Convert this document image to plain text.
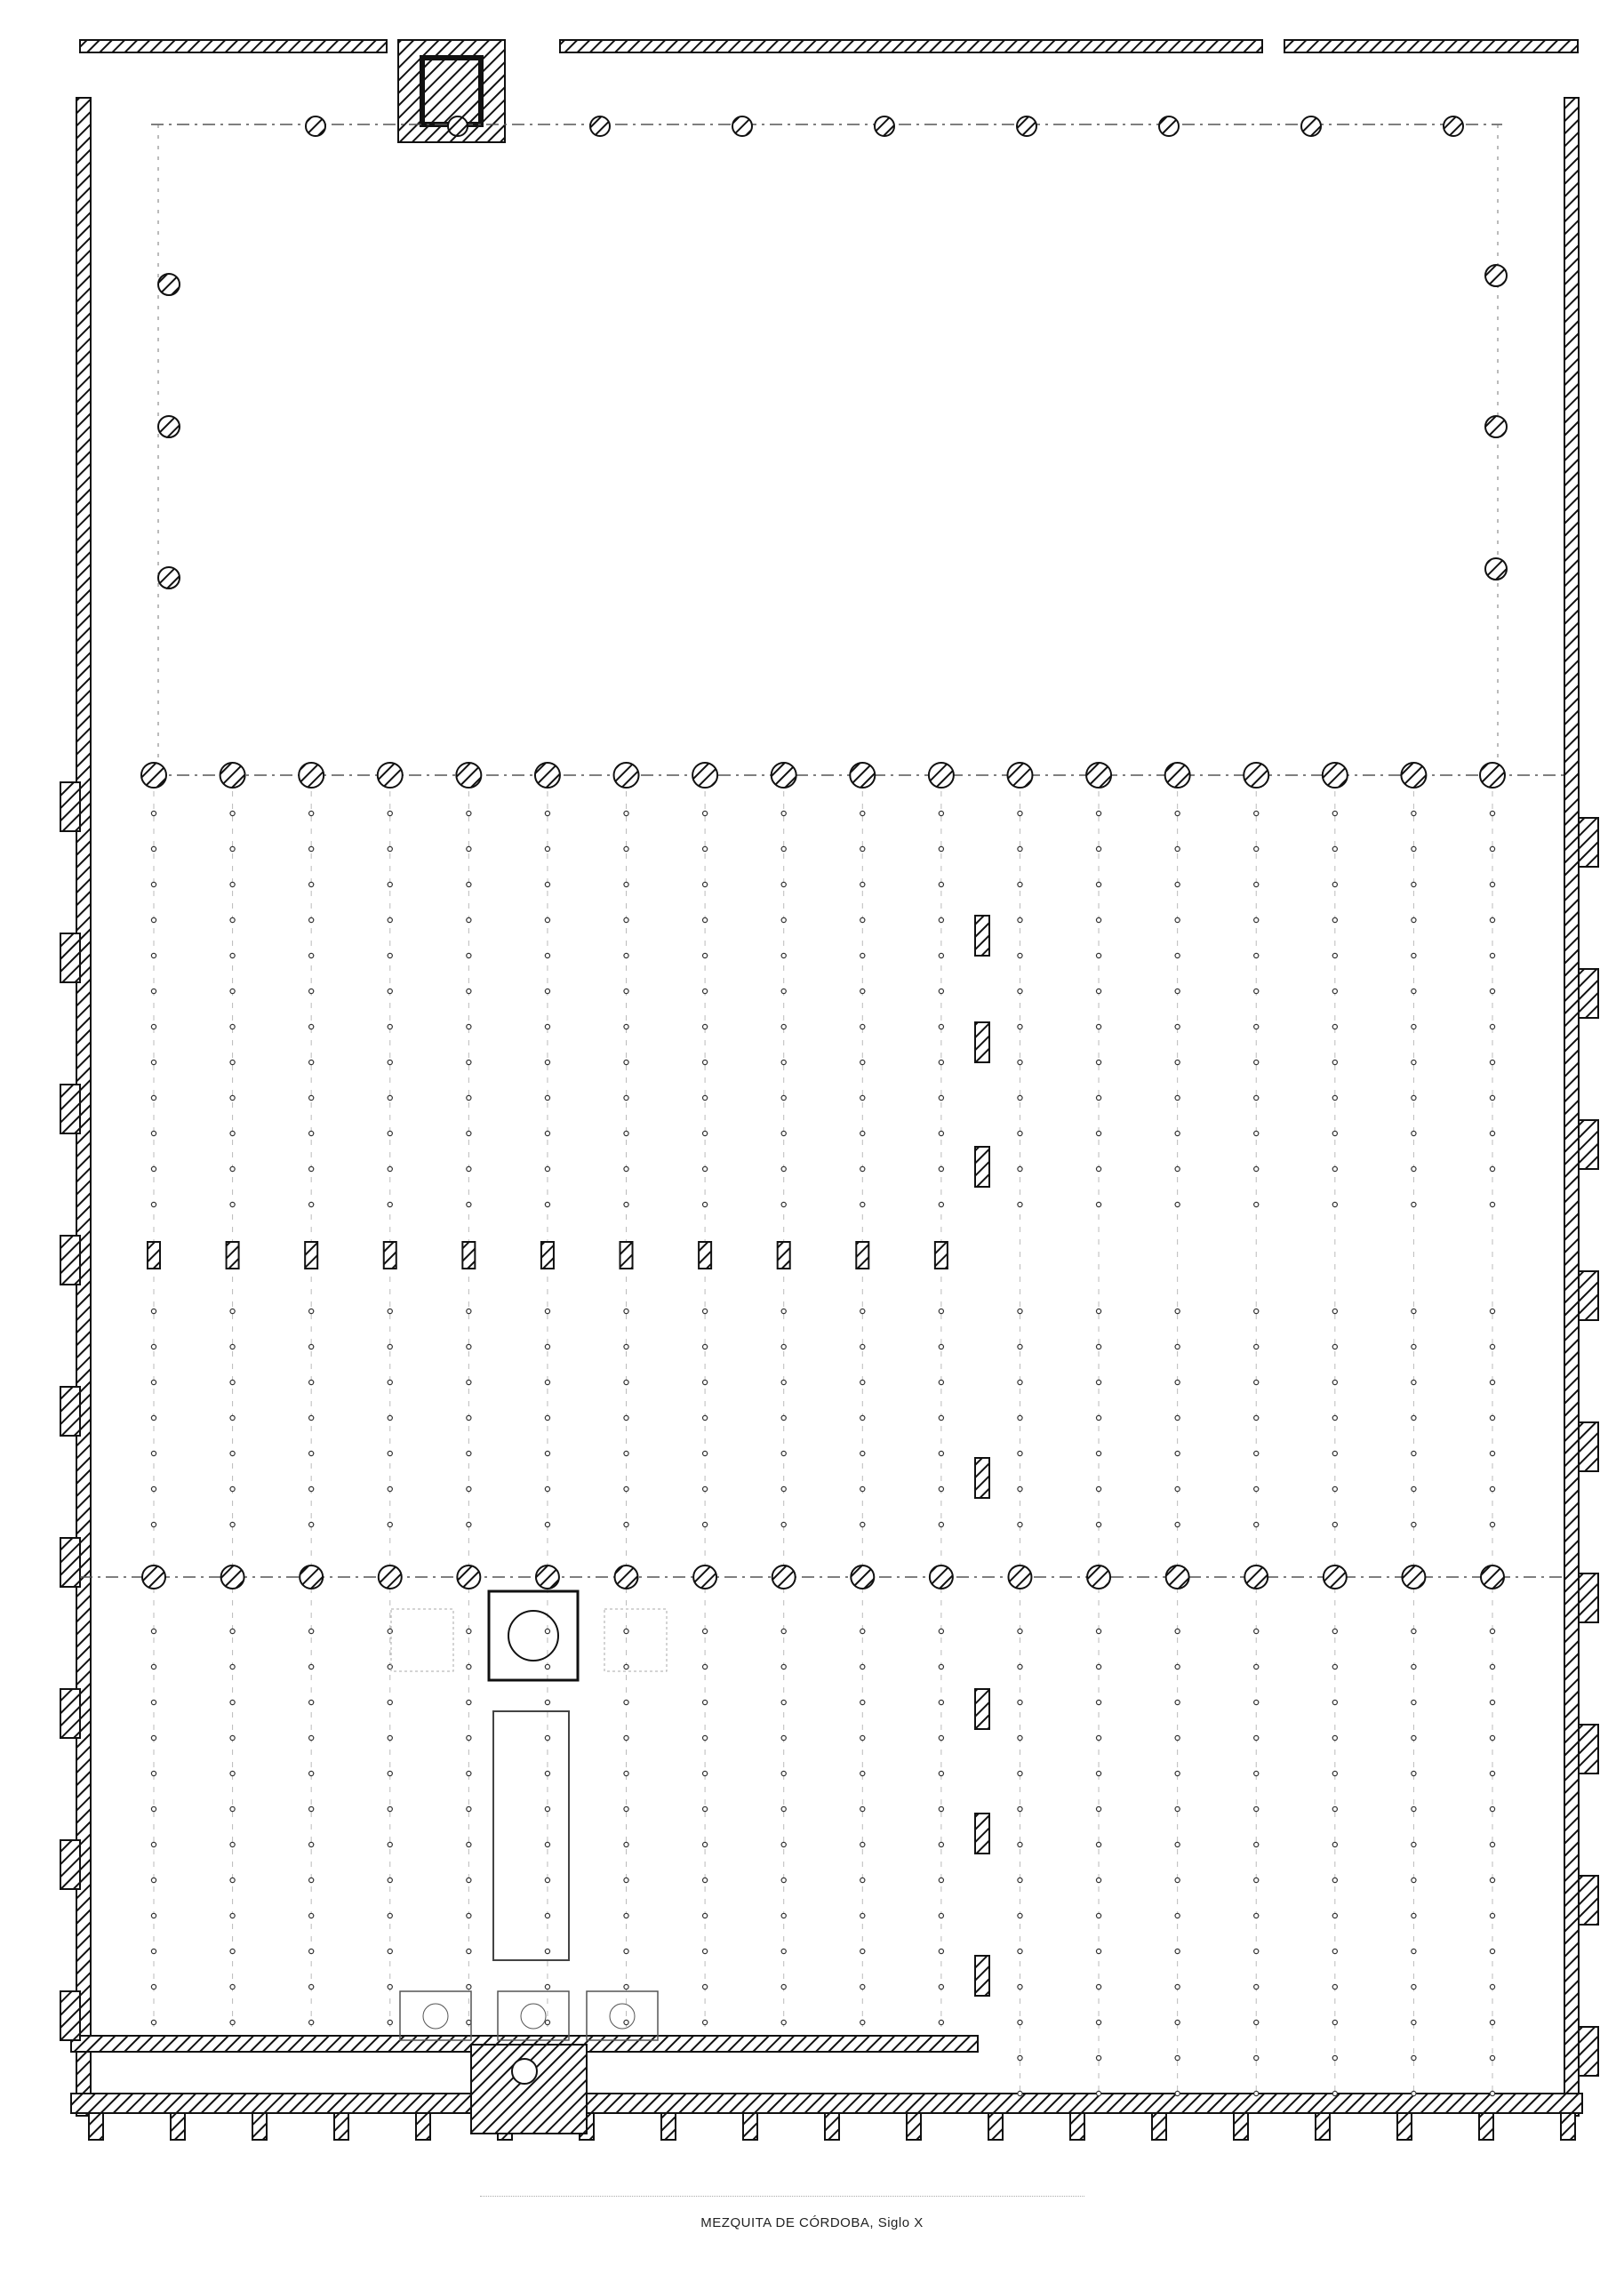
MEZQUITA DE CÓRDOBA, Siglo X
